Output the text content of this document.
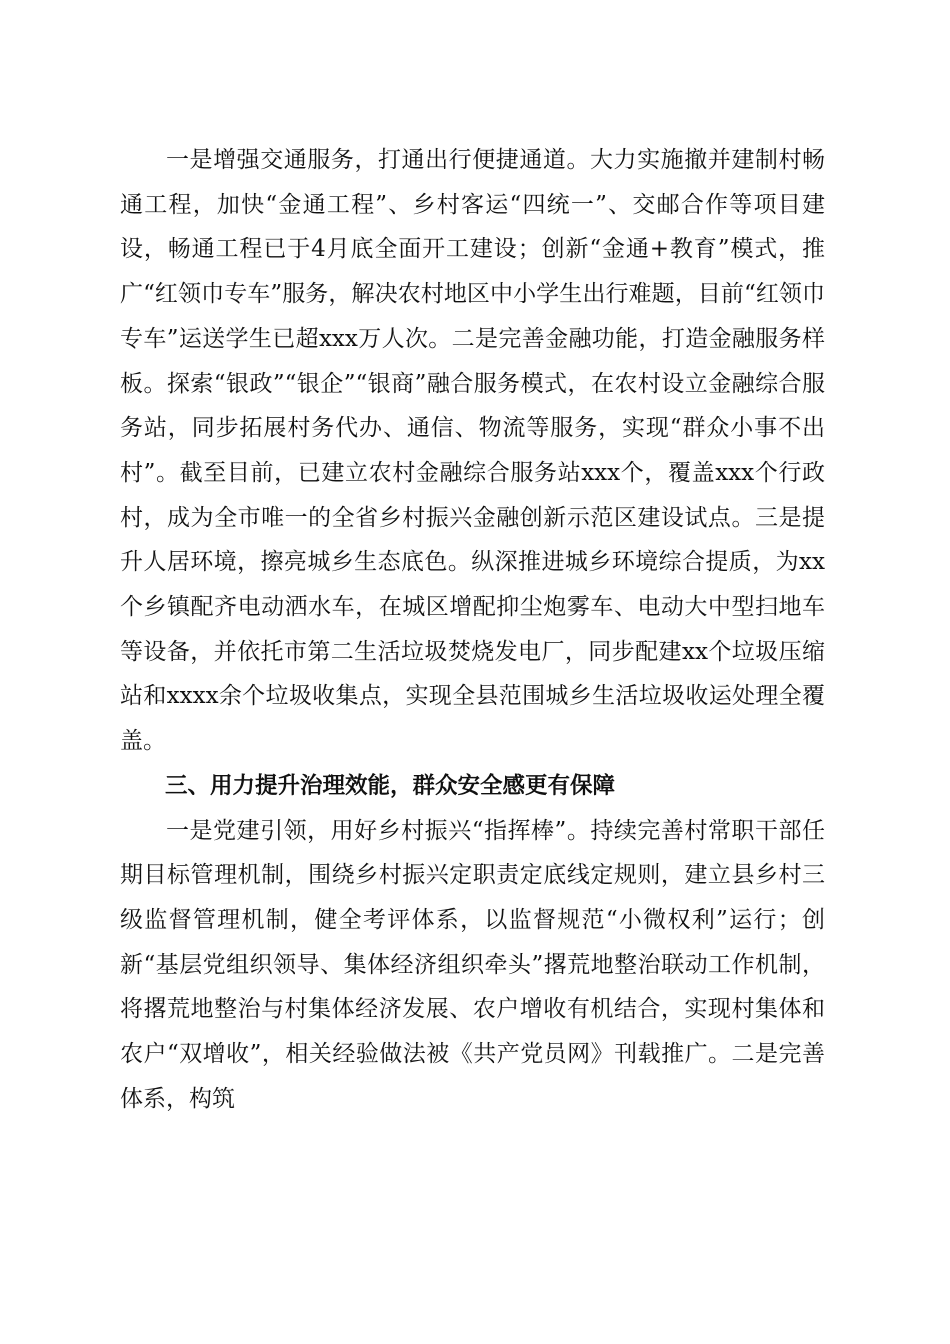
一是增强交通服务，打通出行便捷通道。大力实施撤并建制村畅通工程，加快“金通工程”、乡村客运“四统一”、交邮合作等项目建设，畅通工程已于4月底全面开工建设；创新“金通+教育”模式，推广“红领巾专车”服务，解决农村地区中小学生出行难题，目前“红领巾专车”运送学生已超xxx万人次。二是完善金融功能，打造金融服务样板。探索“银政”“银企”“银商”融合服务模式，在农村设立金融综合服务站，同步拓展村务代办、通信、物流等服务，实现“群众小事不出村”。截至目前，已建立农村金融综合服务站xxx个，覆盖xxx个行政村，成为全市唯一的全省乡村振兴金融创新示范区建设试点。三是提升人居环境，擦亮城乡生态底色。纵深推进城乡环境综合提质，为xx个乡镇配齐电动洒水车，在城区增配抑尘炮雾车、电动大中型扫地车等设备，并依托市第二生活垃圾焚烧发电厂，同步配建xx个垃圾压缩站和xxxx余个垃圾收集点，实现全县范围城乡生活垃圾收运处理全覆盖。

三、用力提升治理效能，群众安全感更有保障

一是党建引领，用好乡村振兴“指挥棒”。持续完善村常职干部任期目标管理机制，围绕乡村振兴定职责定底线定规则，建立县乡村三级监督管理机制，健全考评体系，以监督规范“小微权利”运行；创新“基层党组织领导、集体经济组织牵头”撂荒地整治联动工作机制，将撂荒地整治与村集体经济发展、农户增收有机结合，实现村集体和农户“双增收”，相关经验做法被《共产党员网》刊载推广。二是完善体系，构筑
